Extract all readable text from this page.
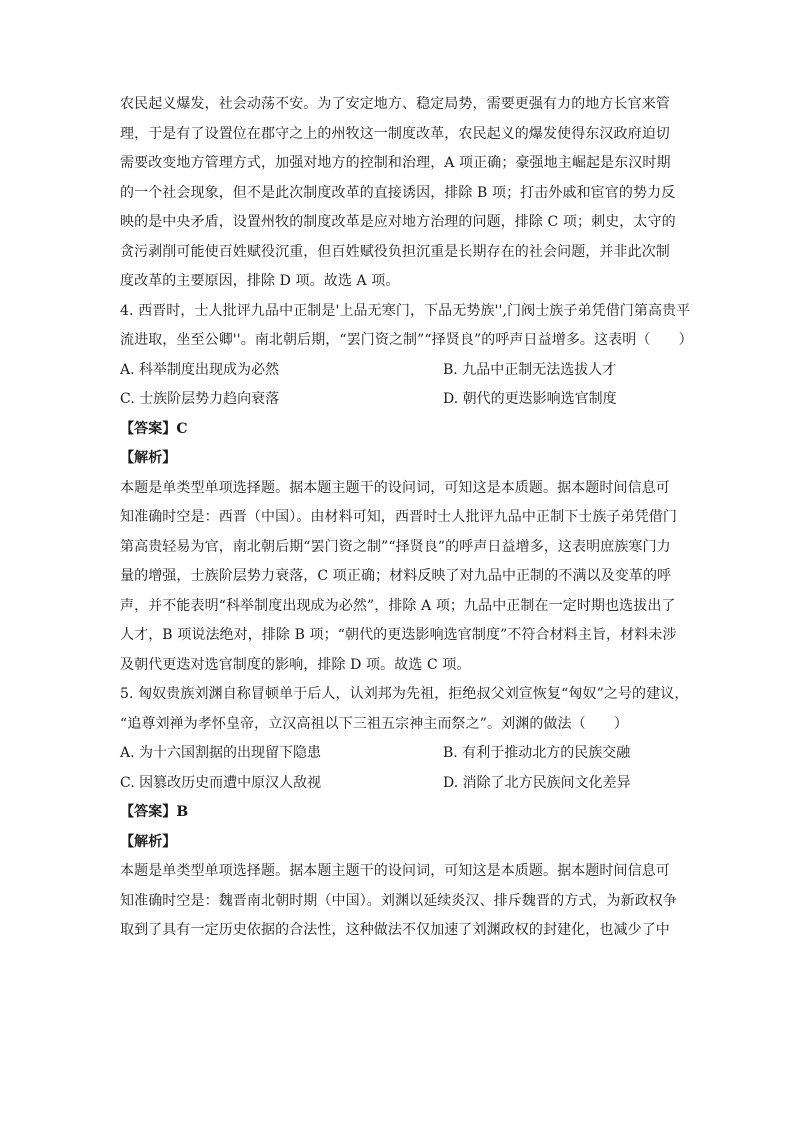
农民起义爆发，社会动荡不安。为了安定地方、稳定局势，需要更强有力的地方长官来管
理，于是有了设置位在郡守之上的州牧这一制度改革，农民起义的爆发使得东汉政府迫切
需要改变地方管理方式，加强对地方的控制和治理，A 项正确；豪强地主崛起是东汉时期
的一个社会现象，但不是此次制度改革的直接诱因，排除 B 项；打击外戚和宦官的势力反
映的是中央矛盾，设置州牧的制度改革是应对地方治理的问题，排除 C 项；刺史，太守的
贪污剥削可能使百姓赋役沉重，但百姓赋役负担沉重是长期存在的社会问题，并非此次制
度改革的主要原因，排除 D 项。故选 A 项。
4. 西晋时，士人批评九品中正制是'上品无寒门，下品无势族'',门阀士族子弟凭借门第高贵平
流进取，坐至公卿''。南北朝后期，“罢门资之制”“择贤良”的呼声日益增多。这表明（　　）
A. 科举制度出现成为必然	B. 九品中正制无法选拔人才
C. 士族阶层势力趋向衰落	D. 朝代的更迭影响选官制度
【答案】C
【解析】
本题是单类型单项选择题。据本题主题干的设问词，可知这是本质题。据本题时间信息可
知准确时空是：西晋（中国）。由材料可知，西晋时士人批评九品中正制下士族子弟凭借门
第高贵轻易为官，南北朝后期“罢门资之制”“择贤良”的呼声日益增多，这表明庶族寒门力
量的增强，士族阶层势力衰落，C 项正确；材料反映了对九品中正制的不满以及变革的呼
声，并不能表明“科举制度出现成为必然”，排除 A 项；九品中正制在一定时期也选拔出了
人才，B 项说法绝对，排除 B 项；“朝代的更迭影响选官制度”不符合材料主旨，材料未涉
及朝代更迭对选官制度的影响，排除 D 项。故选 C 项。
5. 匈奴贵族刘渊自称冒顿单于后人，认刘邦为先祖，拒绝叔父刘宣恢复“匈奴”之号的建议，
“追尊刘禅为孝怀皇帝，立汉高祖以下三祖五宗神主而祭之”。刘渊的做法（　　）
A. 为十六国割据的出现留下隐患	B. 有利于推动北方的民族交融
C. 因篡改历史而遭中原汉人敌视	D. 消除了北方民族间文化差异
【答案】B
【解析】
本题是单类型单项选择题。据本题主题干的设问词，可知这是本质题。据本题时间信息可
知准确时空是：魏晋南北朝时期（中国）。刘渊以延续炎汉、排斥魏晋的方式，为新政权争
取到了具有一定历史依据的合法性，这种做法不仅加速了刘渊政权的封建化，也减少了中
